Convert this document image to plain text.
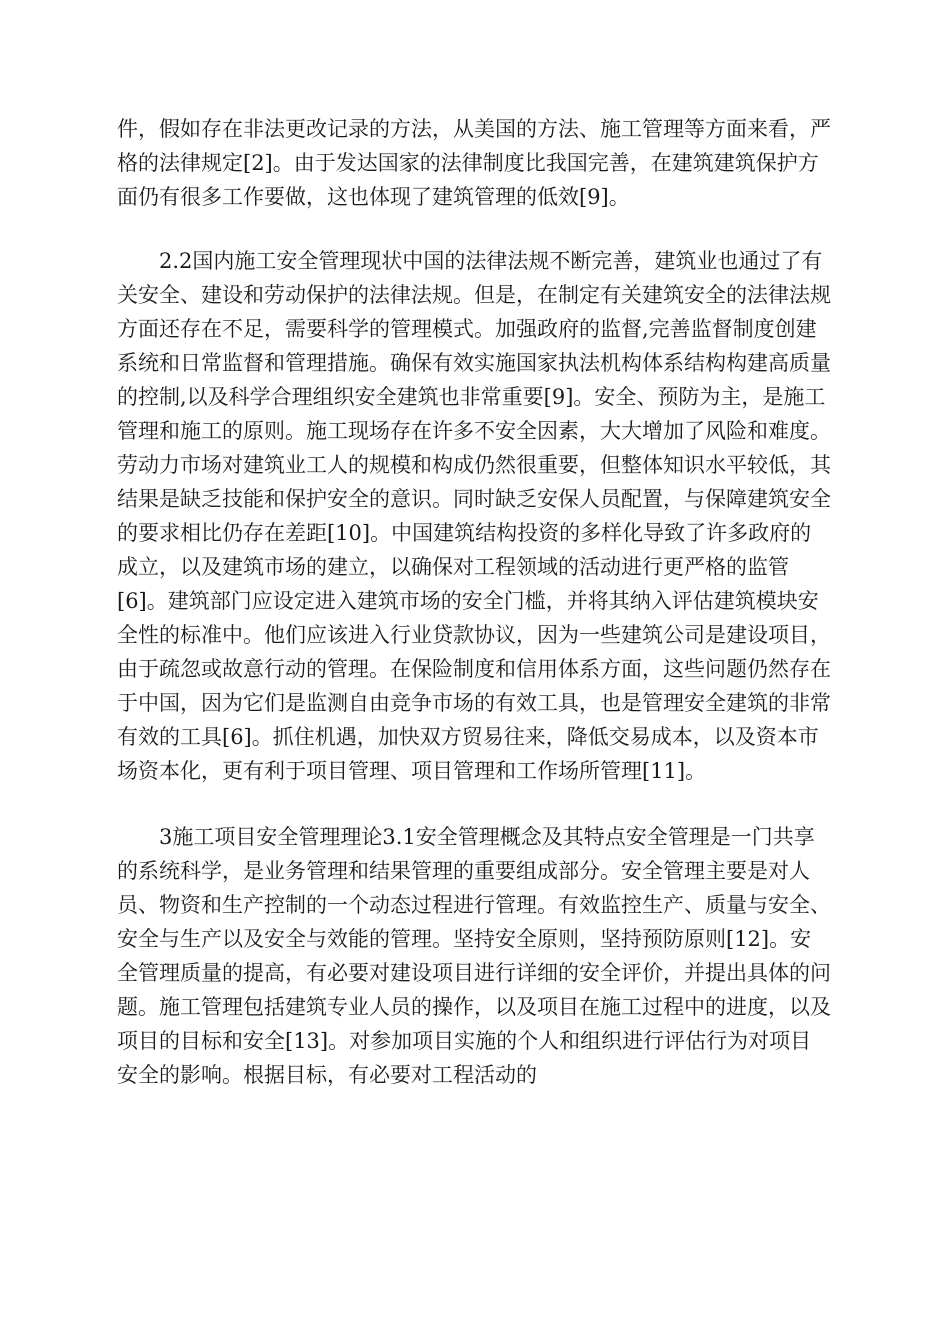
件，假如存在非法更改记录的方法，从美国的方法、施工管理等方面来看，严格的法律规定[2]。由于发达国家的法律制度比我国完善，在建筑建筑保护方面仍有很多工作要做，这也体现了建筑管理的低效[9]。

2.2国内施工安全管理现状中国的法律法规不断完善，建筑业也通过了有关安全、建设和劳动保护的法律法规。但是，在制定有关建筑安全的法律法规方面还存在不足，需要科学的管理模式。加强政府的监督,完善监督制度创建系统和日常监督和管理措施。确保有效实施国家执法机构体系结构构建高质量的控制,以及科学合理组织安全建筑也非常重要[9]。安全、预防为主，是施工管理和施工的原则。施工现场存在许多不安全因素，大大增加了风险和难度。劳动力市场对建筑业工人的规模和构成仍然很重要，但整体知识水平较低，其结果是缺乏技能和保护安全的意识。同时缺乏安保人员配置，与保障建筑安全的要求相比仍存在差距[10]。中国建筑结构投资的多样化导致了许多政府的成立，以及建筑市场的建立，以确保对工程领域的活动进行更严格的监管[6]。建筑部门应设定进入建筑市场的安全门槛，并将其纳入评估建筑模块安全性的标准中。他们应该进入行业贷款协议，因为一些建筑公司是建设项目，由于疏忽或故意行动的管理。在保险制度和信用体系方面，这些问题仍然存在于中国，因为它们是监测自由竞争市场的有效工具，也是管理安全建筑的非常有效的工具[6]。抓住机遇，加快双方贸易往来，降低交易成本，以及资本市场资本化，更有利于项目管理、项目管理和工作场所管理[11]。

3施工项目安全管理理论3.1安全管理概念及其特点安全管理是一门共享的系统科学，是业务管理和结果管理的重要组成部分。安全管理主要是对人员、物资和生产控制的一个动态过程进行管理。有效监控生产、质量与安全、安全与生产以及安全与效能的管理。坚持安全原则，坚持预防原则[12]。安全管理质量的提高，有必要对建设项目进行详细的安全评价，并提出具体的问题。施工管理包括建筑专业人员的操作，以及项目在施工过程中的进度，以及项目的目标和安全[13]。对参加项目实施的个人和组织进行评估行为对项目安全的影响。根据目标，有必要对工程活动的
